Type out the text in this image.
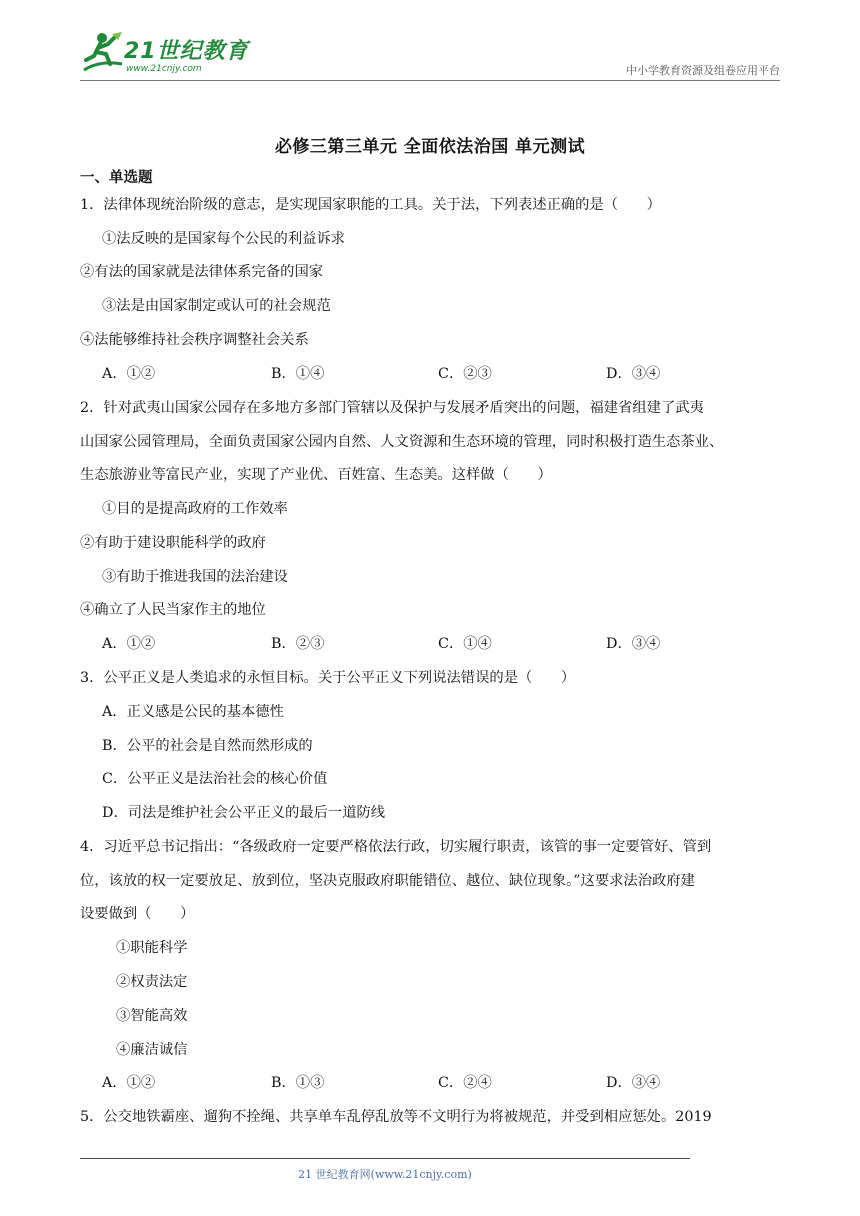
21世纪教育
www.21cnjy.com	中小学教育资源及组卷应用平台
必修三第三单元 全面依法治国 单元测试
一、单选题
1．法律体现统治阶级的意志，是实现国家职能的工具。关于法，下列表述正确的是（　　）
①法反映的是国家每个公民的利益诉求
②有法的国家就是法律体系完备的国家
③法是由国家制定或认可的社会规范
④法能够维持社会秩序调整社会关系
A．①②	B．①④	C．②③	D．③④
2．针对武夷山国家公园存在多地方多部门管辖以及保护与发展矛盾突出的问题，福建省组建了武夷
山国家公园管理局，全面负责国家公园内自然、人文资源和生态环境的管理，同时积极打造生态茶业、
生态旅游业等富民产业，实现了产业优、百姓富、生态美。这样做（　　）
①目的是提高政府的工作效率
②有助于建设职能科学的政府
③有助于推进我国的法治建设
④确立了人民当家作主的地位
A．①②	B．②③	C．①④	D．③④
3．公平正义是人类追求的永恒目标。关于公平正义下列说法错误的是（　　）
A．正义感是公民的基本德性
B．公平的社会是自然而然形成的
C．公平正义是法治社会的核心价值
D．司法是维护社会公平正义的最后一道防线
4．习近平总书记指出：“各级政府一定要严格依法行政，切实履行职责，该管的事一定要管好、管到
位，该放的权一定要放足、放到位，坚决克服政府职能错位、越位、缺位现象。”这要求法治政府建
设要做到（　　）
①职能科学
②权责法定
③智能高效
④廉洁诚信
A．①②	B．①③	C．②④	D．③④
5．公交地铁霸座、遛狗不拴绳、共享单车乱停乱放等不文明行为将被规范，并受到相应惩处。2019
21 世纪教育网(www.21cnjy.com)
